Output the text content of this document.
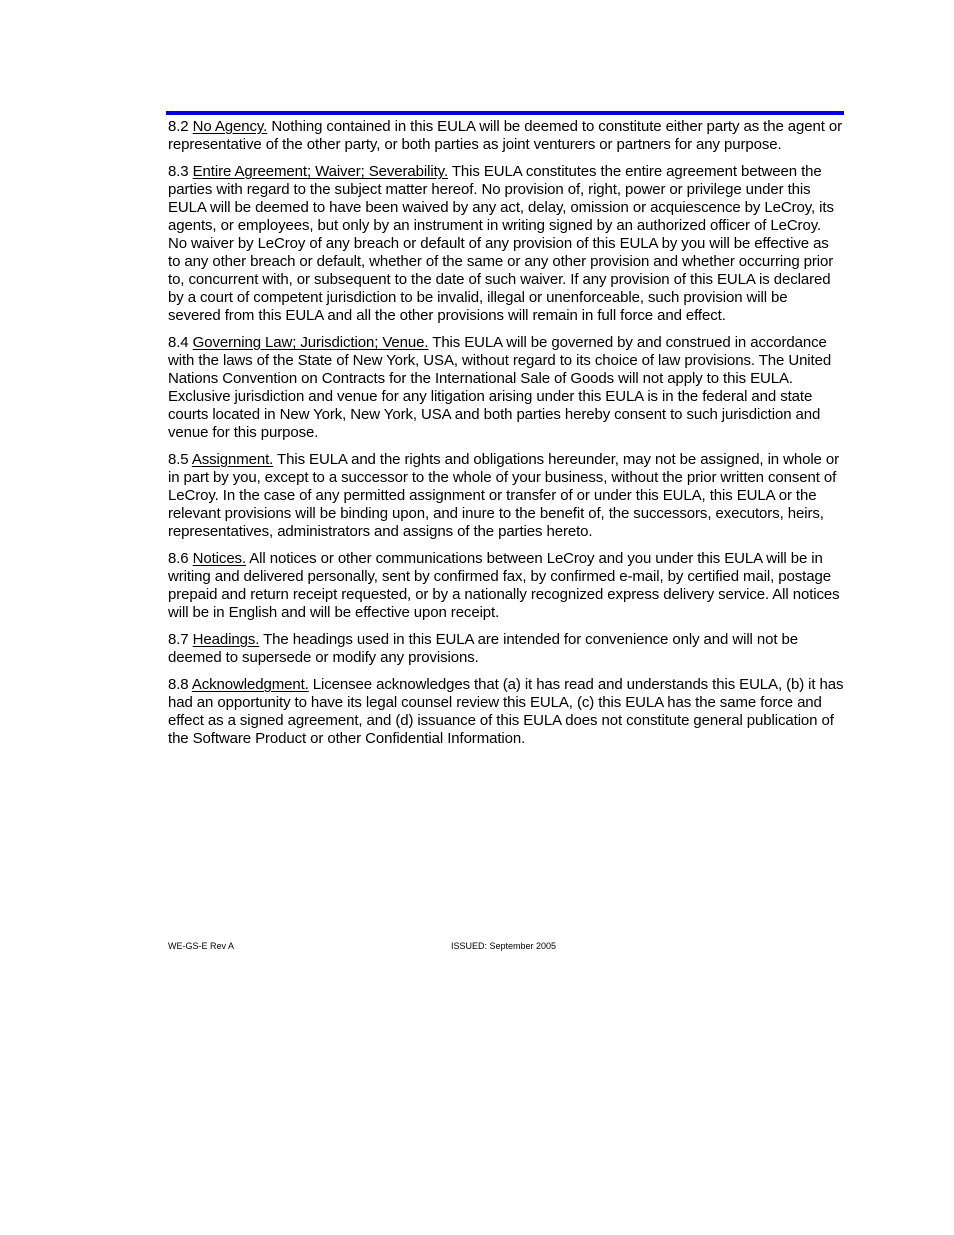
8.2 No Agency. Nothing contained in this EULA will be deemed to constitute either party as the agent or representative of the other party, or both parties as joint venturers or partners for any purpose.

8.3 Entire Agreement; Waiver; Severability. This EULA constitutes the entire agreement between the parties with regard to the subject matter hereof. No provision of, right, power or privilege under this EULA will be deemed to have been waived by any act, delay, omission or acquiescence by LeCroy, its agents, or employees, but only by an instrument in writing signed by an authorized officer of LeCroy. No waiver by LeCroy of any breach or default of any provision of this EULA by you will be effective as to any other breach or default, whether of the same or any other provision and whether occurring prior to, concurrent with, or subsequent to the date of such waiver. If any provision of this EULA is declared by a court of competent jurisdiction to be invalid, illegal or unenforceable, such provision will be severed from this EULA and all the other provisions will remain in full force and effect.

8.4 Governing Law; Jurisdiction; Venue. This EULA will be governed by and construed in accordance with the laws of the State of New York, USA, without regard to its choice of law provisions. The United Nations Convention on Contracts for the International Sale of Goods will not apply to this EULA. Exclusive jurisdiction and venue for any litigation arising under this EULA is in the federal and state courts located in New York, New York, USA and both parties hereby consent to such jurisdiction and venue for this purpose.

8.5 Assignment. This EULA and the rights and obligations hereunder, may not be assigned, in whole or in part by you, except to a successor to the whole of your business, without the prior written consent of LeCroy. In the case of any permitted assignment or transfer of or under this EULA, this EULA or the relevant provisions will be binding upon, and inure to the benefit of, the successors, executors, heirs, representatives, administrators and assigns of the parties hereto.

8.6 Notices. All notices or other communications between LeCroy and you under this EULA will be in writing and delivered personally, sent by confirmed fax, by confirmed e-mail, by certified mail, postage prepaid and return receipt requested, or by a nationally recognized express delivery service. All notices will be in English and will be effective upon receipt.

8.7 Headings. The headings used in this EULA are intended for convenience only and will not be deemed to supersede or modify any provisions.

8.8 Acknowledgment. Licensee acknowledges that (a) it has read and understands this EULA, (b) it has had an opportunity to have its legal counsel review this EULA, (c) this EULA has the same force and effect as a signed agreement, and (d) issuance of this EULA does not constitute general publication of the Software Product or other Confidential Information.

WE-GS-E Rev A	ISSUED: September 2005
